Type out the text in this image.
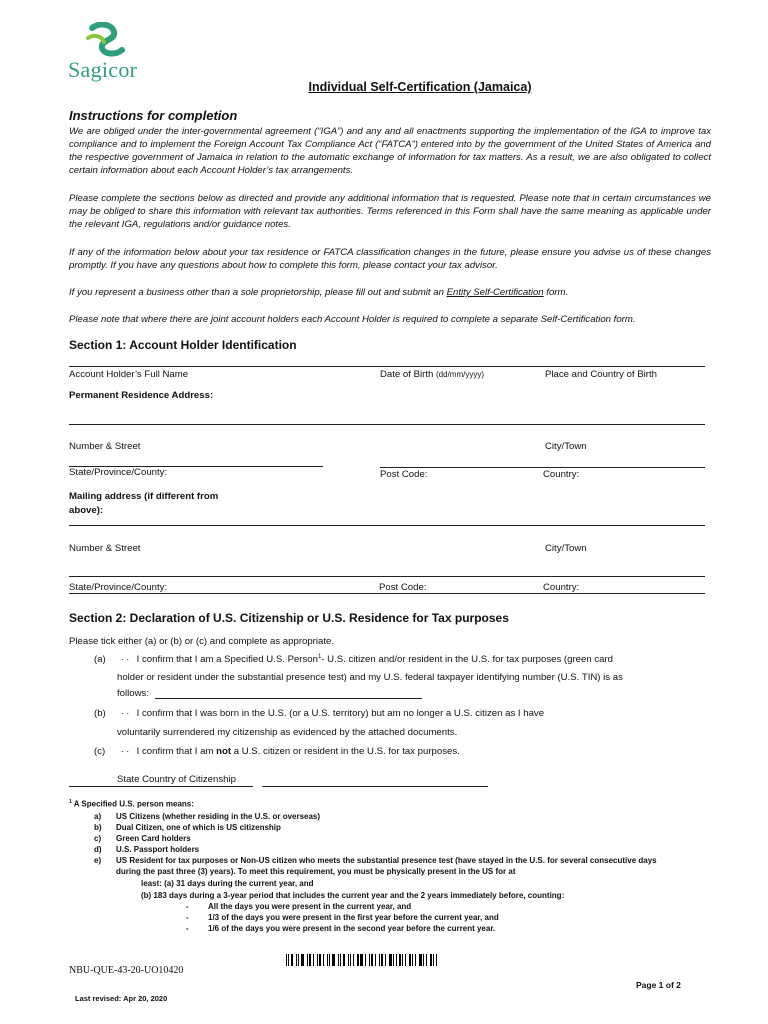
Sagicor
Individual Self-Certification (Jamaica)
Instructions for completion
We are obliged under the inter-governmental agreement (“IGA”) and any and all enactments supporting the implementation of the IGA to improve tax compliance and to implement the Foreign Account Tax Compliance Act (“FATCA”) entered into by the government of the United States of America and the respective government of Jamaica in relation to the automatic exchange of information for tax matters. As a result, we are also obligated to collect certain information about each Account Holder’s tax arrangements.
Please complete the sections below as directed and provide any additional information that is requested. Please note that in certain circumstances we may be obliged to share this information with relevant tax authorities. Terms referenced in this Form shall have the same meaning as applicable under the relevant IGA, regulations and/or guidance notes.
If any of the information below about your tax residence or FATCA classification changes in the future, please ensure you advise us of these changes promptly. If you have any questions about how to complete this form, please contact your tax advisor.
If you represent a business other than a sole proprietorship, please fill out and submit an Entity Self-Certification form.
Please note that where there are joint account holders each Account Holder is required to complete a separate Self-Certification form.
Section 1: Account Holder Identification
Account Holder’s Full Name	Date of Birth (dd/mm/yyyy)	Place and Country of Birth
Permanent Residence Address:
Number & Street	City/Town
State/Province/County:	Post Code:	Country:
Mailing address (if different from
above):
Number & Street	City/Town
State/Province/County:	Post Code:	Country:
Section 2: Declaration of U.S. Citizenship or U.S. Residence for Tax purposes
Please tick either (a) or (b) or (c) and complete as appropriate.
(a)	· · I confirm that I am a Specified U.S. Person$^1$- U.S. citizen and/or resident in the U.S. for tax purposes (green card
holder or resident under the substantial presence test) and my U.S. federal taxpayer identifying number (U.S. TIN) is as
follows:
(b)	· · I confirm that I was born in the U.S. (or a U.S. territory) but am no longer a U.S. citizen as I have
voluntarily surrendered my citizenship as evidenced by the attached documents.
(c)	· · I confirm that I am not a U.S. citizen or resident in the U.S. for tax purposes.
State Country of Citizenship
$^1$ A Specified U.S. person means:
a) US Citizens (whether residing in the U.S. or overseas)
b) Dual Citizen, one of which is US citizenship
c) Green Card holders
d) U.S. Passport holders
e) US Resident for tax purposes or Non-US citizen who meets the substantial presence test (have stayed in the U.S. for several consecutive days
during the past three (3) years). To meet this requirement, you must be physically present in the US for at
least: (a) 31 days during the current year, and
(b) 183 days during a 3-year period that includes the current year and the 2 years immediately before, counting:
- All the days you were present in the current year, and
- 1/3 of the days you were present in the first year before the current year, and
- 1/6 of the days you were present in the second year before the current year.
NBU-QUE-43-20-UO10420
Page 1 of 2
Last revised: Apr 20, 2020
